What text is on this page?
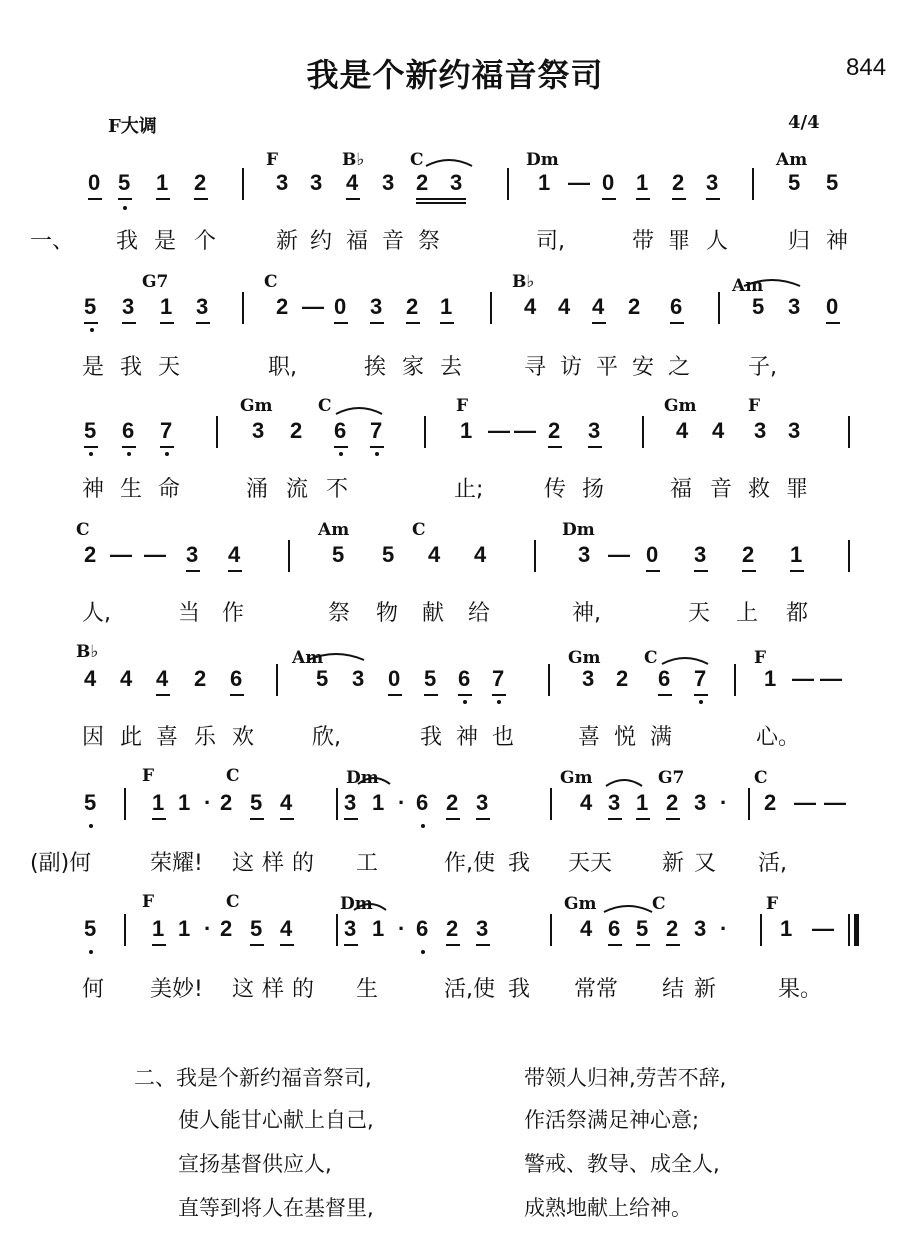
我是个新约福音祭司	844
F大调	4/4
F	B♭	C	Dm	Am
0 5 1 2	3 3 4 3 2 3	1 — 0 1 2 3	5 5
一、 我 是 个	新 约 福 音 祭	司,	带 罪 人	归 神
G7	C	B♭	Am
5 3 1 3	2 — 0 3 2 1	4 4 4 2 6	5 3 0
是 我 天	职,	挨 家 去	寻 访 平 安 之	子,
Gm	C	F	Gm	F
5 6 7	3 2 6 7	1 — — 2 3	4 4 3 3
神 生 命	涌 流 不	止;	传 扬	福 音 救 罪
C	Am	C	Dm
2 — — 3 4	5 5 4 4	3 — 0 3 2 1
人,	当 作	祭 物 献 给	神,	天 上 都
B♭	Am	Gm	C	F
4 4 4 2 6	5 3 0 5 6 7	3 2 6 7	1 — —
因 此 喜 乐 欢	欣,	我 神 也	喜 悦 满	心。
F	C	Dm	Gm	G7	C
5	1 1 · 2 5 4 3 1 · 6 2 3	4 3 1 2 3 · 2 — —
(副)何	荣耀! 这 样 的 工	作,使 我 天天 新 又 活,
F	C	Dm	Gm	C	F
5	1 1 · 2 5 4 3 1 · 6 2 3	4 6 5 2 3 · 1 —
何 美妙! 这 样 的 生	活,使 我 常常 结 新	果。
二、我是个新约福音祭司,	带领人归神,劳苦不辞,
使人能甘心献上自己,	作活祭满足神心意;
宣扬基督供应人,	警戒、教导、成全人,
直等到将人在基督里,	成熟地献上给神。
